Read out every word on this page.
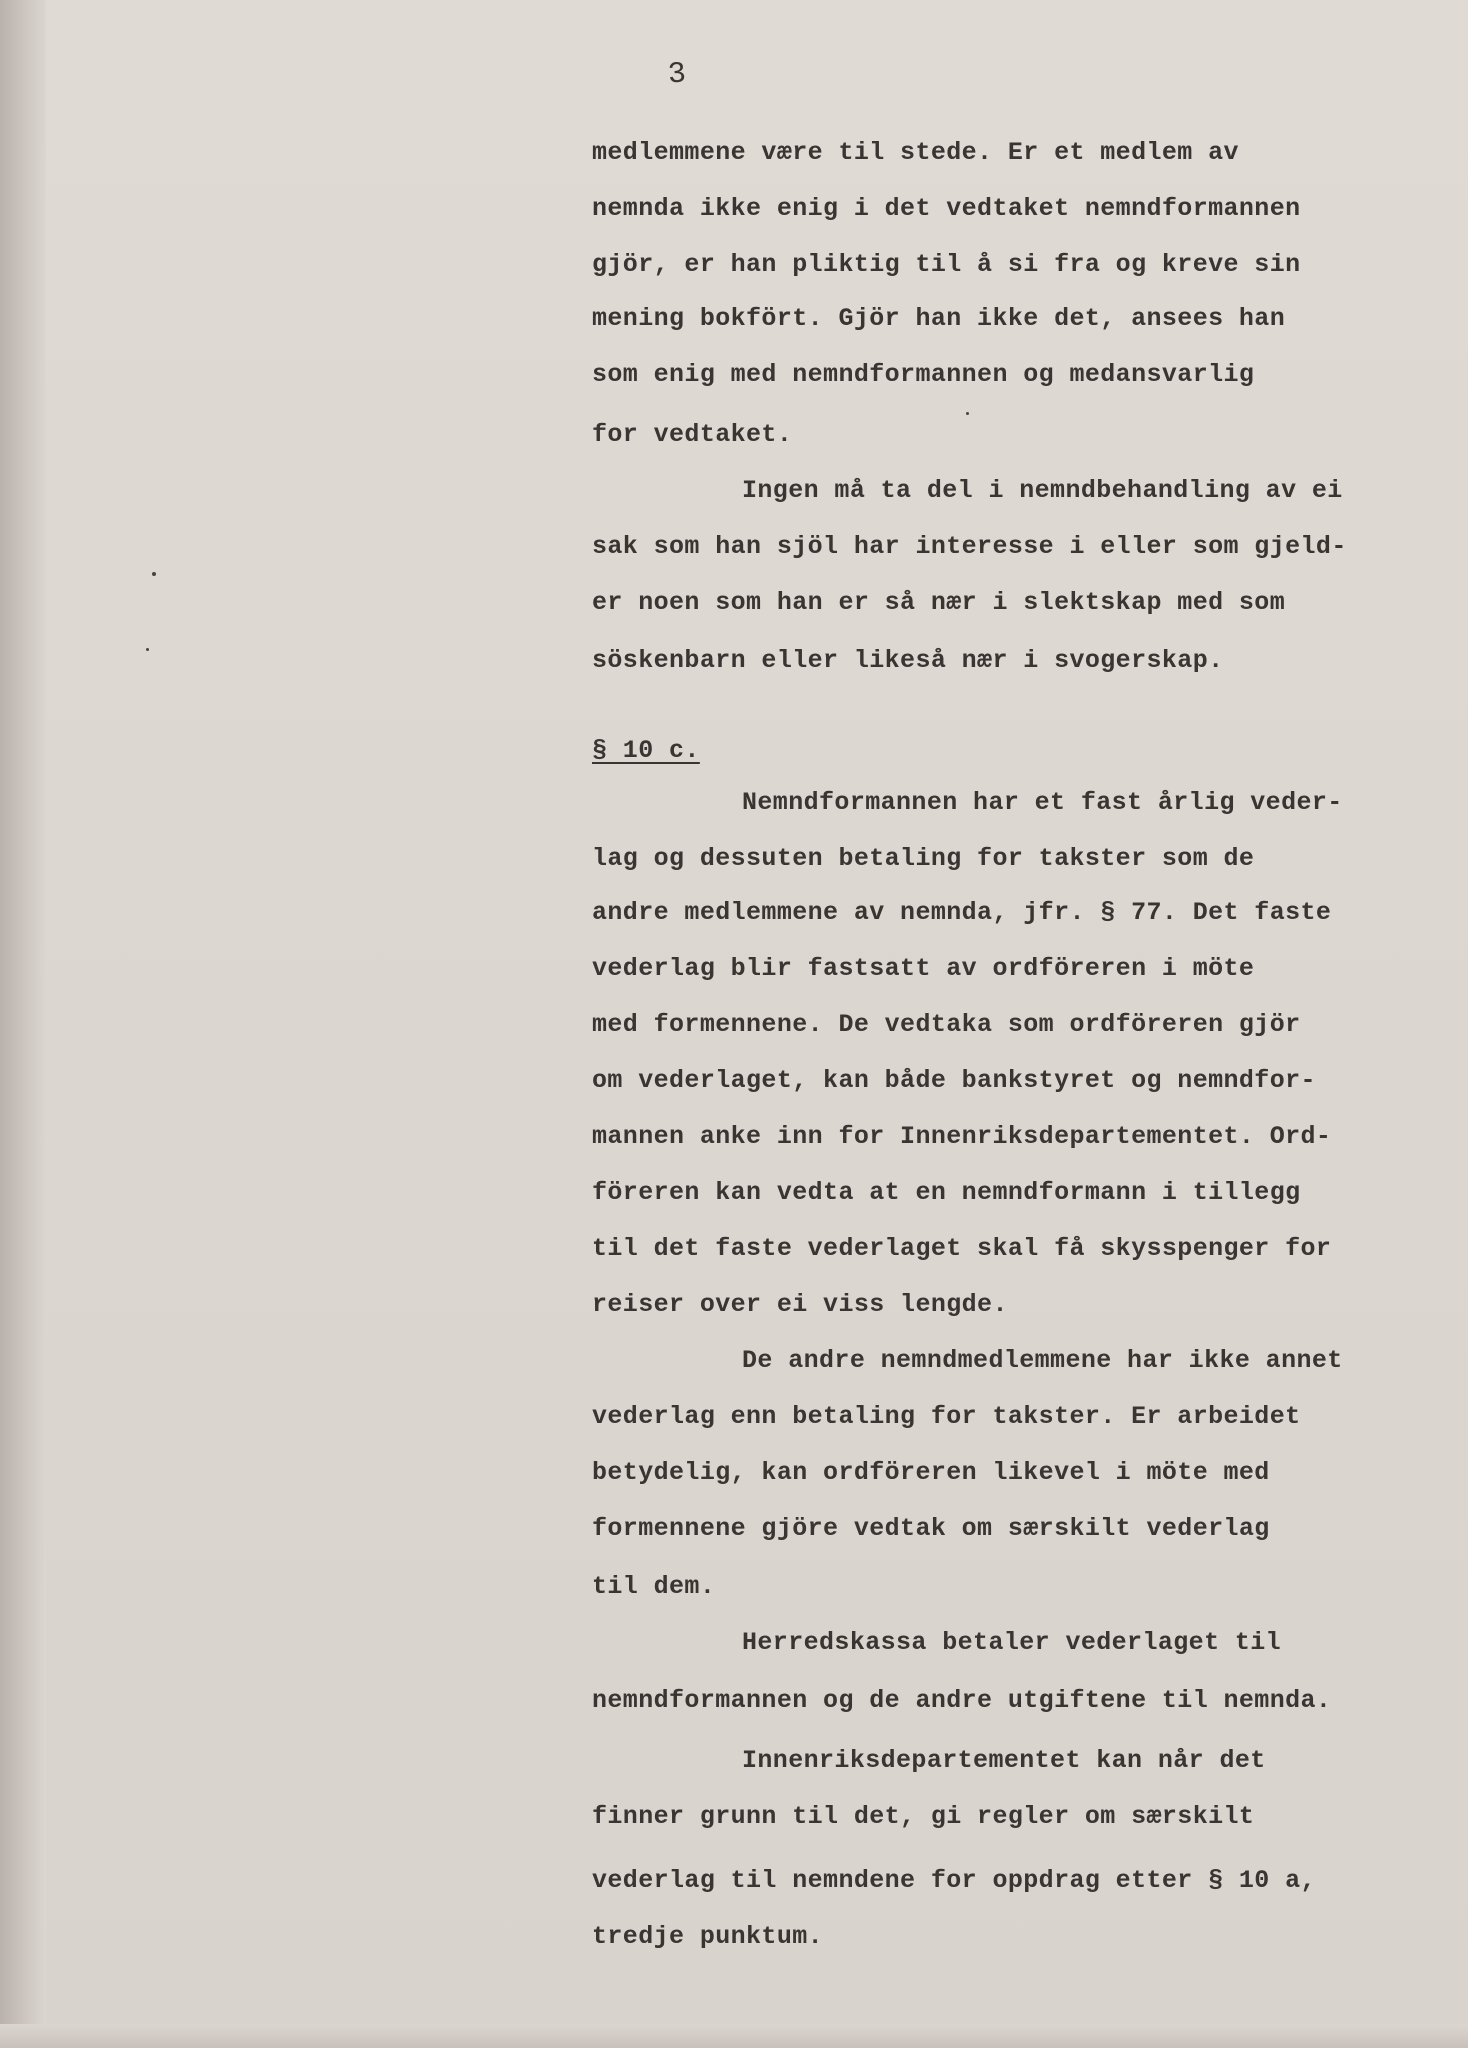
3
medlemmene være til stede. Er et medlem av
nemnda ikke enig i det vedtaket nemndformannen
gjör, er han pliktig til å si fra og kreve sin
mening bokfört. Gjör han ikke det, ansees han
som enig med nemndformannen og medansvarlig
for vedtaket.
Ingen må ta del i nemndbehandling av ei
sak som han sjöl har interesse i eller som gjeld-
er noen som han er så nær i slektskap med som
söskenbarn eller likeså nær i svogerskap.
§ 10 c.
Nemndformannen har et fast årlig veder-
lag og dessuten betaling for takster som de
andre medlemmene av nemnda, jfr. § 77. Det faste
vederlag blir fastsatt av ordföreren i möte
med formennene. De vedtaka som ordföreren gjör
om vederlaget, kan både bankstyret og nemndfor-
mannen anke inn for Innenriksdepartementet. Ord-
föreren kan vedta at en nemndformann i tillegg
til det faste vederlaget skal få skysspenger for
reiser over ei viss lengde.
De andre nemndmedlemmene har ikke annet
vederlag enn betaling for takster. Er arbeidet
betydelig, kan ordföreren likevel i möte med
formennene gjöre vedtak om særskilt vederlag
til dem.
Herredskassa betaler vederlaget til
nemndformannen og de andre utgiftene til nemnda.
Innenriksdepartementet kan når det
finner grunn til det, gi regler om særskilt
vederlag til nemndene for oppdrag etter § 10 a,
tredje punktum.
